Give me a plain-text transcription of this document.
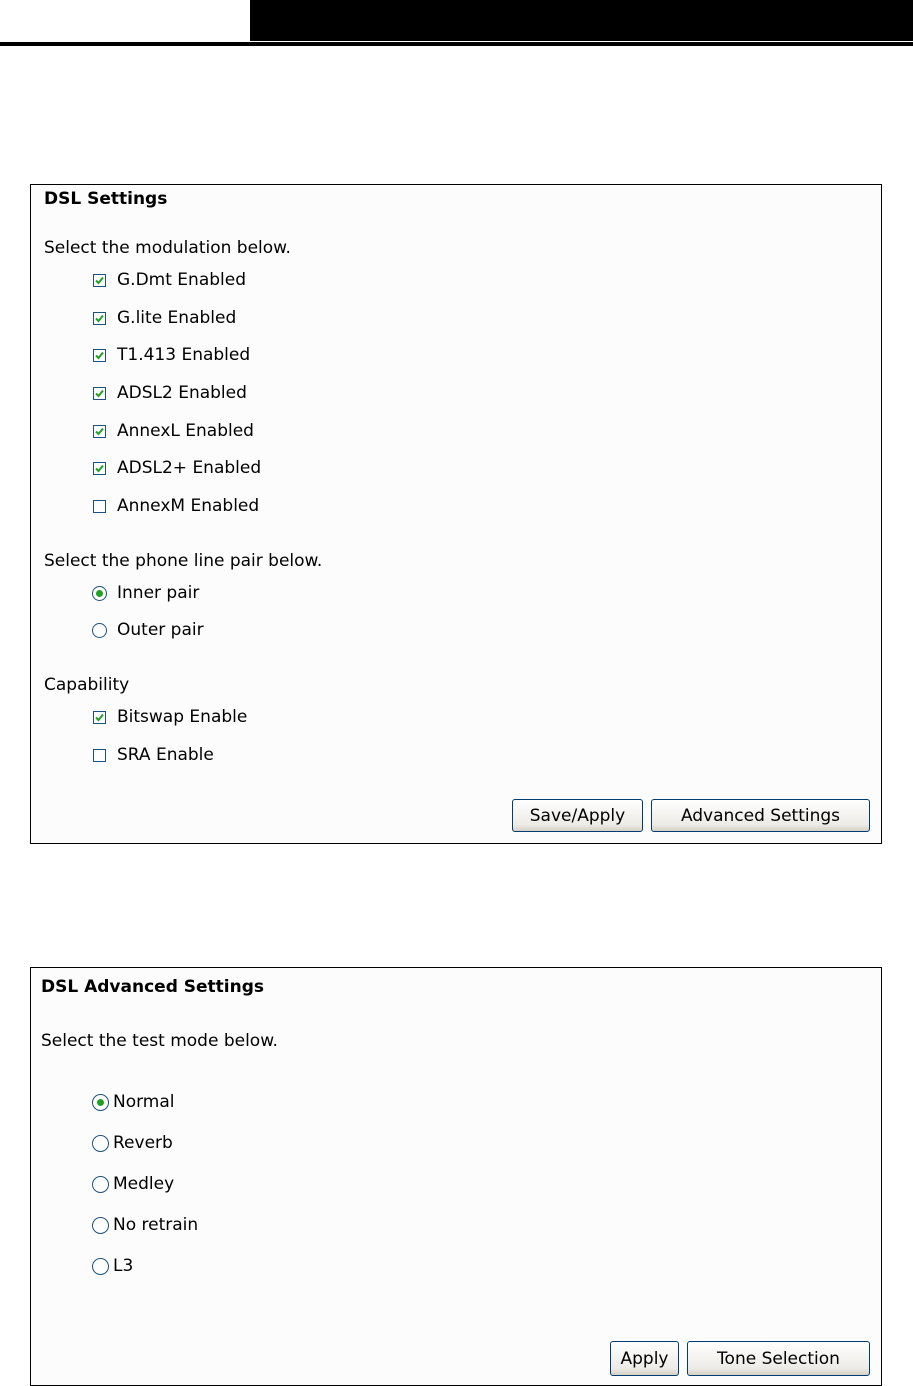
DSL Settings
Select the modulation below.
G.Dmt Enabled
G.lite Enabled
T1.413 Enabled
ADSL2 Enabled
AnnexL Enabled
ADSL2+ Enabled
AnnexM Enabled
Select the phone line pair below.
Inner pair
Outer pair
Capability
Bitswap Enable
SRA Enable
Save/Apply	Advanced Settings
DSL Advanced Settings
Select the test mode below.
Normal
Reverb
Medley
No retrain
L3
Apply	Tone Selection
